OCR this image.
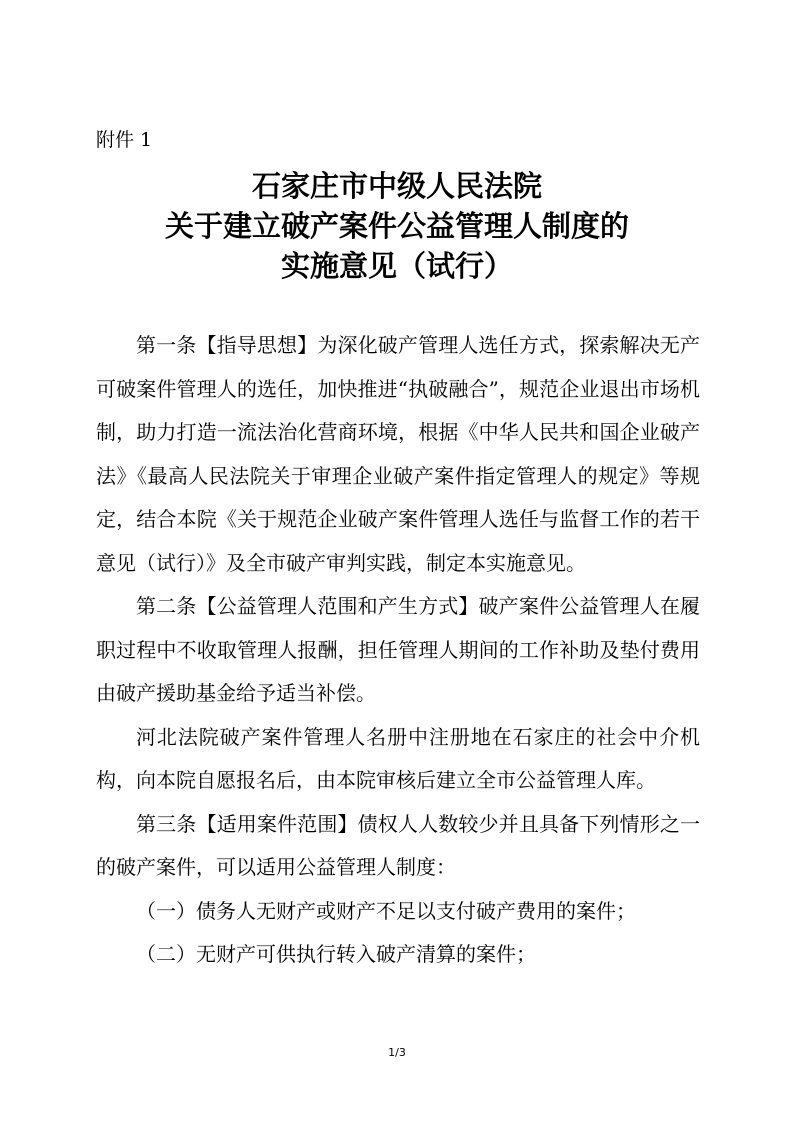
附件 1

石家庄市中级人民法院
关于建立破产案件公益管理人制度的
实施意见（试行）

第一条【指导思想】为深化破产管理人选任方式，探索解决无产可破案件管理人的选任，加快推进“执破融合”，规范企业退出市场机制，助力打造一流法治化营商环境，根据《中华人民共和国企业破产法》《最高人民法院关于审理企业破产案件指定管理人的规定》等规定，结合本院《关于规范企业破产案件管理人选任与监督工作的若干意见（试行）》及全市破产审判实践，制定本实施意见。

第二条【公益管理人范围和产生方式】破产案件公益管理人在履职过程中不收取管理人报酬，担任管理人期间的工作补助及垫付费用由破产援助基金给予适当补偿。

河北法院破产案件管理人名册中注册地在石家庄的社会中介机构，向本院自愿报名后，由本院审核后建立全市公益管理人库。

第三条【适用案件范围】债权人人数较少并且具备下列情形之一的破产案件，可以适用公益管理人制度：

（一）债务人无财产或财产不足以支付破产费用的案件；

（二）无财产可供执行转入破产清算的案件；

1/3
